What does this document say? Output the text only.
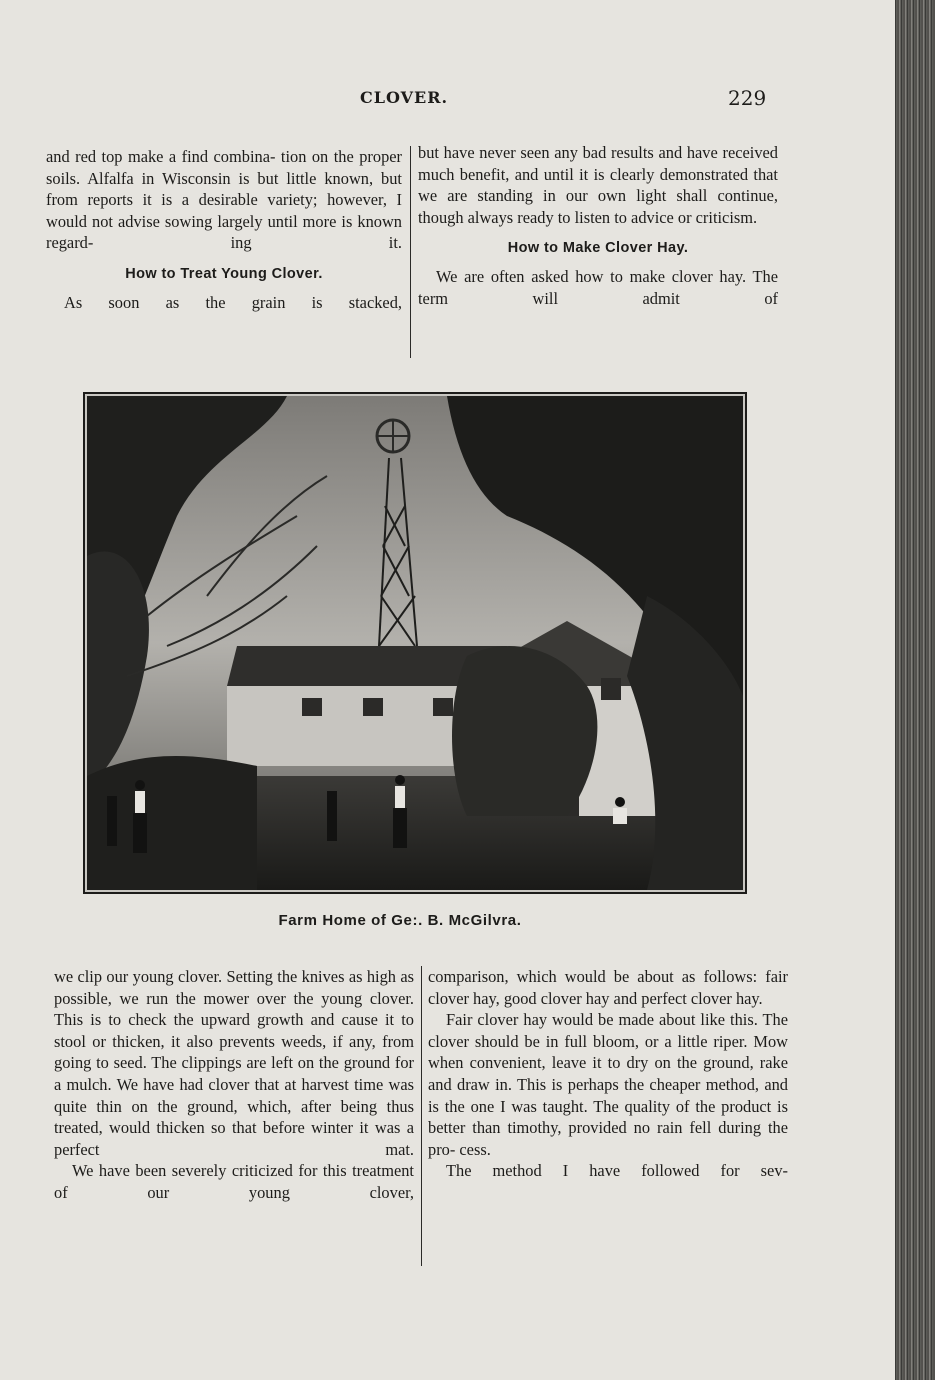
CLOVER.	229

and red top make a find combina- tion on the proper soils. Alfalfa in Wisconsin is but little known, but from reports it is a desirable variety; however, I would not advise sowing largely until more is known regard- ing it.

How to Treat Young Clover.

As soon as the grain is stacked,

but have never seen any bad results and have received much benefit, and until it is clearly demonstrated that we are standing in our own light shall continue, though always ready to listen to advice or criticism.

How to Make Clover Hay.

We are often asked how to make clover hay. The term will admit of

Farm Home of Ge:. B. McGilvra.

we clip our young clover. Setting the knives as high as possible, we run the mower over the young clover. This is to check the upward growth and cause it to stool or thicken, it also prevents weeds, if any, from going to seed. The clippings are left on the ground for a mulch. We have had clover that at harvest time was quite thin on the ground, which, after being thus treated, would thicken so that before winter it was a perfect mat.

We have been severely criticized for this treatment of our young clover,

comparison, which would be about as follows: fair clover hay, good clover hay and perfect clover hay.

Fair clover hay would be made about like this. The clover should be in full bloom, or a little riper. Mow when convenient, leave it to dry on the ground, rake and draw in. This is perhaps the cheaper method, and is the one I was taught. The quality of the product is better than timothy, provided no rain fell during the pro- cess.

The method I have followed for sev-
